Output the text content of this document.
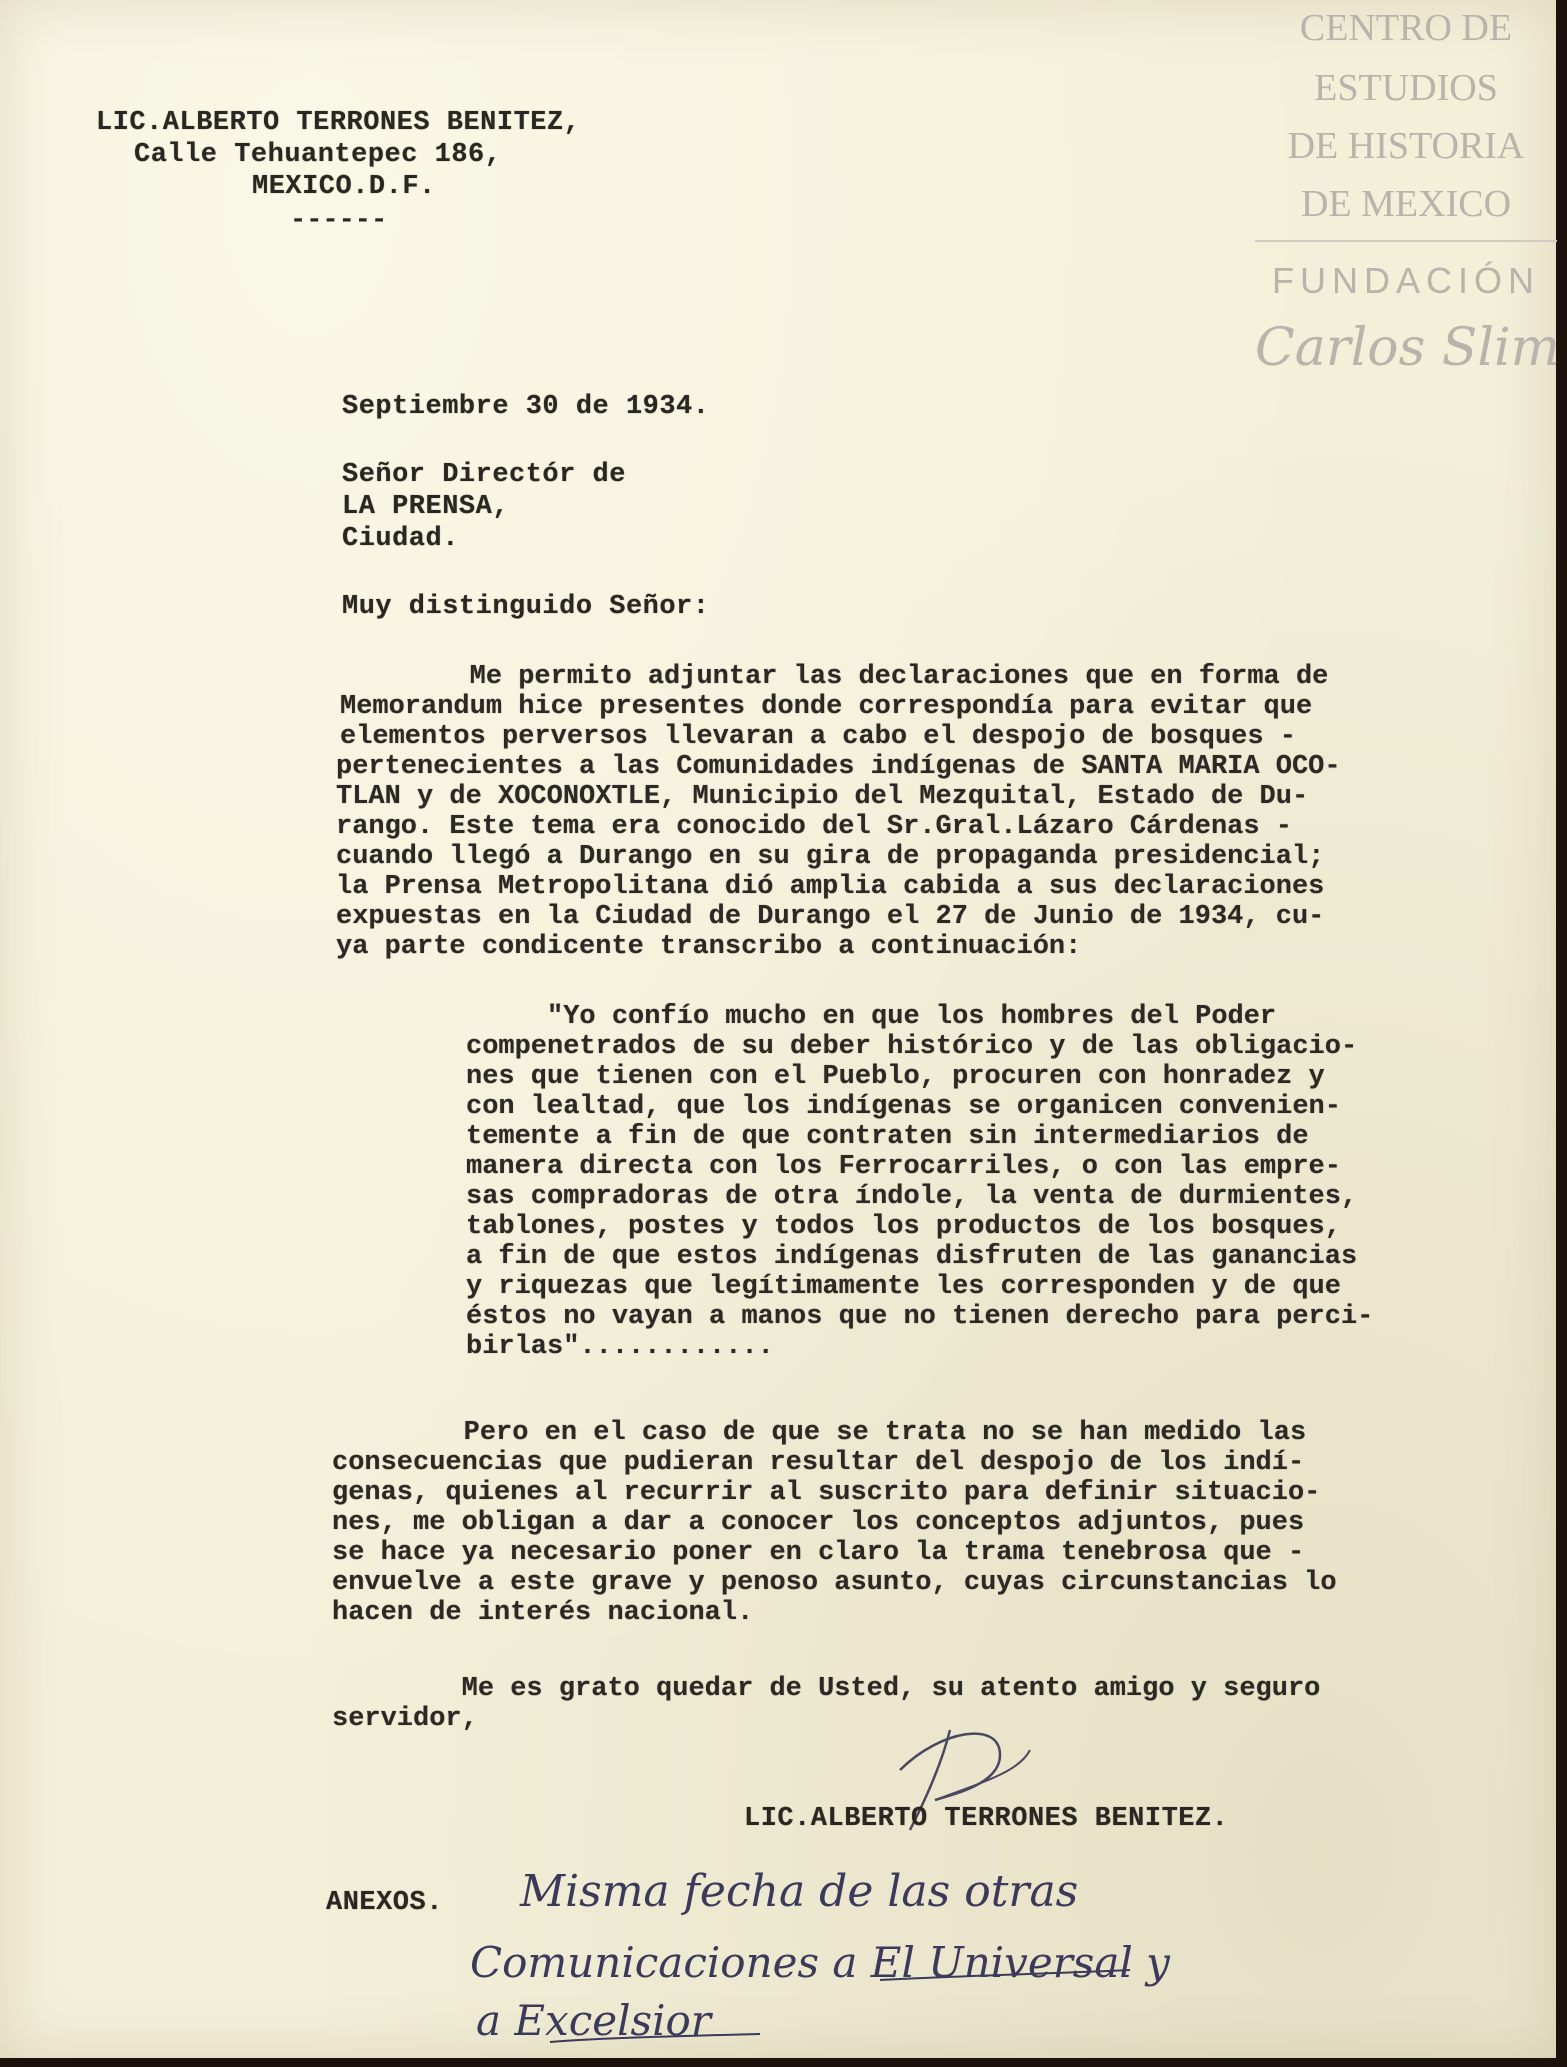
CENTRO DE

ESTUDIOS

DE HISTORIA

DE MEXICO

FUNDACIÓN

Carlos Slim

LIC.ALBERTO TERRONES BENITEZ,

Calle Tehuantepec 186,

MEXICO.D.F.

------

Septiembre 30 de 1934.

Señor Directór de

LA PRENSA,

Ciudad.

Muy distinguido Señor:

Me permito adjuntar las declaraciones que en forma de

Memorandum hice presentes donde correspondía para evitar que

elementos perversos llevaran a cabo el despojo de bosques -

pertenecientes a las Comunidades indígenas de SANTA MARIA OCO-

TLAN y de XOCONOXTLE, Municipio del Mezquital, Estado de Du-

rango. Este tema era conocido del Sr.Gral.Lázaro Cárdenas -

cuando llegó a Durango en su gira de propaganda presidencial;

la Prensa Metropolitana dió amplia cabida a sus declaraciones

expuestas en la Ciudad de Durango el 27 de Junio de 1934, cu-

ya parte condicente transcribo a continuación:

"Yo confío mucho en que los hombres del Poder

compenetrados de su deber histórico y de las obligacio-

nes que tienen con el Pueblo, procuren con honradez y

con lealtad, que los indígenas se organicen convenien-

temente a fin de que contraten sin intermediarios de

manera directa con los Ferrocarriles, o con las empre-

sas compradoras de otra índole, la venta de durmientes,

tablones, postes y todos los productos de los bosques,

a fin de que estos indígenas disfruten de las ganancias

y riquezas que legítimamente les corresponden y de que

éstos no vayan a manos que no tienen derecho para perci-

birlas"............

Pero en el caso de que se trata no se han medido las

consecuencias que pudieran resultar del despojo de los indí-

genas, quienes al recurrir al suscrito para definir situacio-

nes, me obligan a dar a conocer los conceptos adjuntos, pues

se hace ya necesario poner en claro la trama tenebrosa que -

envuelve a este grave y penoso asunto, cuyas circunstancias lo

hacen de interés nacional.

Me es grato quedar de Usted, su atento amigo y seguro

servidor,

LIC.ALBERTO TERRONES BENITEZ.

ANEXOS. Misma fecha de las otras

Comunicaciones a El Universal y

a Excelsior
